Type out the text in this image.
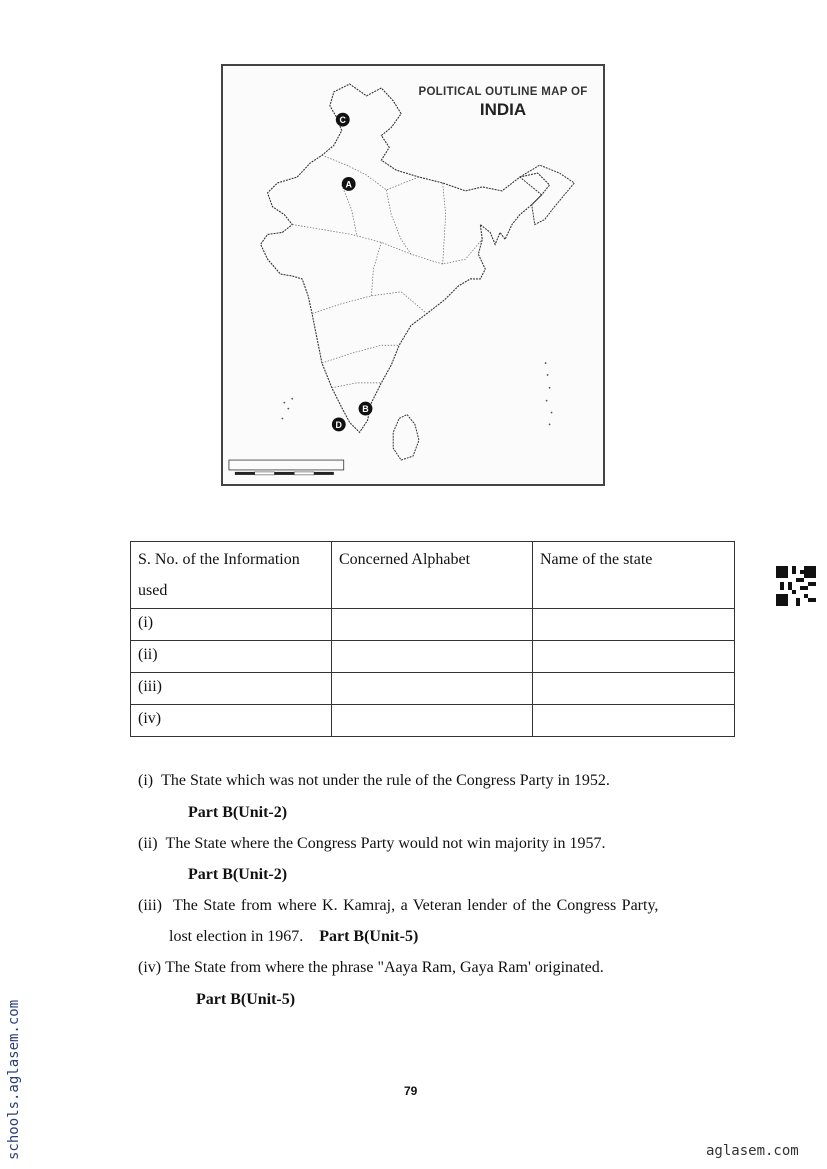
C
A
B
D
POLITICAL OUTLINE MAP OF
INDIA
S. No. of the Information used	Concerned Alphabet	Name of the state
(i)		
(ii)		
(iii)		
(iv)		
(i) The State which was not under the rule of the Congress Party in 1952.
Part B(Unit-2)
(ii) The State where the Congress Party would not win majority in 1957.
Part B(Unit-2)
(iii) The State from where K. Kamraj, a Veteran lender of the Congress Party,
lost election in 1967. Part B(Unit-5)
(iv) The State from where the phrase "Aaya Ram, Gaya Ram' originated.
Part B(Unit-5)
79
schools.aglasem.com	aglasem.com
